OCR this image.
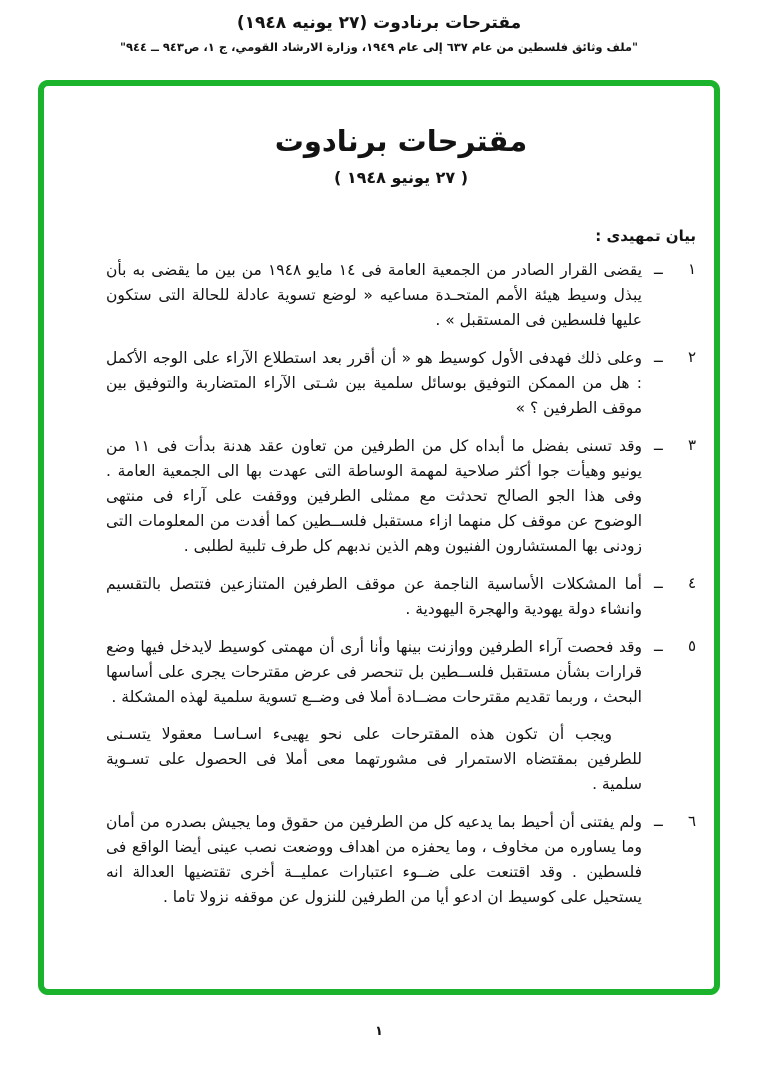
مقترحات برنادوت (٢٧ يونيه ١٩٤٨)
"ملف وثائق فلسطين من عام ٦٣٧ إلى عام ١٩٤٩، وزارة الارشاد القومي، ج ١، ص٩٤٣ ــ ٩٤٤"
مقترحات برنادوت
( ٢٧ يونيو ١٩٤٨ )
بيان تمهيدى :
١
ــ

يقضى القرار الصادر من الجمعية العامة فى ١٤ مايو ١٩٤٨ من بين ما يقضى به بأن يبذل وسيط هيئة الأمم المتحـدة مساعيه « لوضع تسوية عادلة للحالة التى ستكون عليها فلسطين فى المستقبل » .

٢
ــ

وعلى ذلك فهدفى الأول كوسيط هو « أن أقرر بعد استطلاع الآراء على الوجه الأكمل : هل من الممكن التوفيق بوسائل سلمية بين شـتى الآراء المتضاربة والتوفيق بين موقف الطرفين ؟ »

٣
ــ

وقد تسنى بفضل ما أبداه كل من الطرفين من تعاون عقد هدنة بدأت فى ١١ من يونيو وهيأت جوا أكثر صلاحية لمهمة الوساطة التى عهدت بها الى الجمعية العامة . وفى هذا الجو الصالح تحدثت مع ممثلى الطرفين ووقفت على آراء فى منتهى الوضوح عن موقف كل منهما ازاء مستقبل فلســطين كما أفدت من المعلومات التى زودنى بها المستشارون الفنيون وهم الذين ندبهم كل طرف تلبية لطلبى .

٤
ــ

أما المشكلات الأساسية الناجمة عن موقف الطرفين المتنازعين فتتصل بالتقسيم وانشاء دولة يهودية والهجرة اليهودية .

٥
ــ

وقد فحصت آراء الطرفين ووازنت بينها وأنا أرى أن مهمتى كوسيط لايدخل فيها وضع قرارات بشأن مستقبل فلســطين بل تنحصر فى عرض مقترحات يجرى على أساسها البحث ، وربما تقديم مقترحات مضــادة أملا فى وضــع تسوية سلمية لهذه المشكلة .

ويجب أن تكون هذه المقترحات على نحو يهيىء اسـاسـا معقولا يتسـنى للطرفين بمقتضاه الاستمرار فى مشورتهما معى أملا فى الحصول على تسـوية سلمية .

٦
ــ

ولم يفتنى أن أحيط بما يدعيه كل من الطرفين من حقوق وما يجيش بصدره من أمان وما يساوره من مخاوف ، وما يحفزه من اهداف ووضعت نصب عينى أيضا الواقع فى فلسطين . وقد اقتنعت على ضــوء اعتبارات عمليــة أخرى تقتضيها العدالة انه يستحيل على كوسيط ان ادعو أيا من الطرفين للنزول عن موقفه نزولا تاما .

١
